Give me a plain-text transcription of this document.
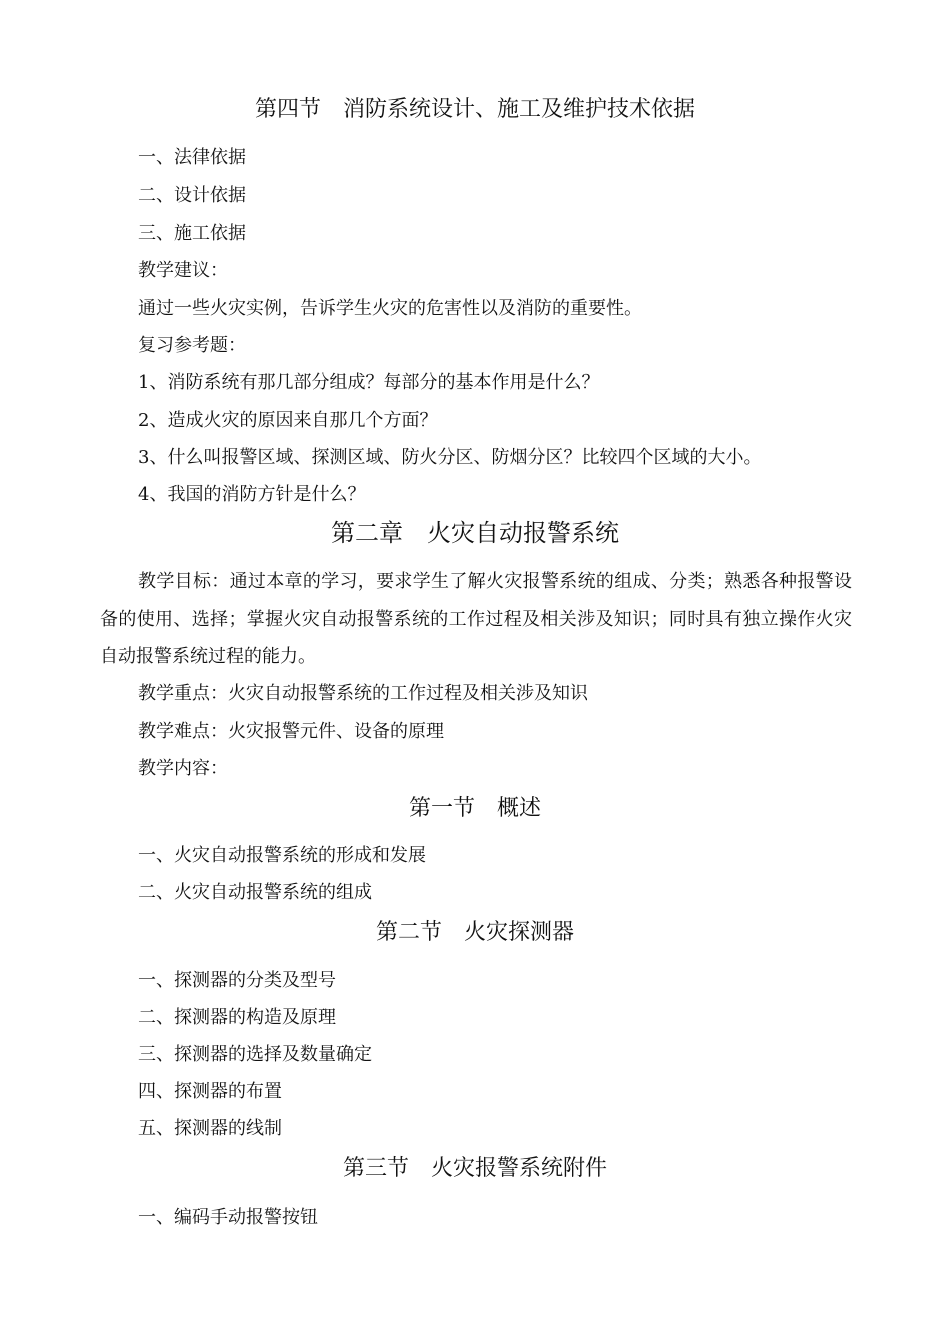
第四节　消防系统设计、施工及维护技术依据
一、法律依据
二、设计依据
三、施工依据
教学建议：
通过一些火灾实例，告诉学生火灾的危害性以及消防的重要性。
复习参考题：
1、消防系统有那几部分组成？每部分的基本作用是什么？
2、造成火灾的原因来自那几个方面？
3、什么叫报警区域、探测区域、防火分区、防烟分区？比较四个区域的大小。
4、我国的消防方针是什么？
第二章　火灾自动报警系统
教学目标：通过本章的学习，要求学生了解火灾报警系统的组成、分类；熟悉各种报警设备的使用、选择；掌握火灾自动报警系统的工作过程及相关涉及知识；同时具有独立操作火灾自动报警系统过程的能力。
教学重点：火灾自动报警系统的工作过程及相关涉及知识
教学难点：火灾报警元件、设备的原理
教学内容：
第一节　概述
一、火灾自动报警系统的形成和发展
二、火灾自动报警系统的组成
第二节　火灾探测器
一、探测器的分类及型号
二、探测器的构造及原理
三、探测器的选择及数量确定
四、探测器的布置
五、探测器的线制
第三节　火灾报警系统附件
一、编码手动报警按钮
